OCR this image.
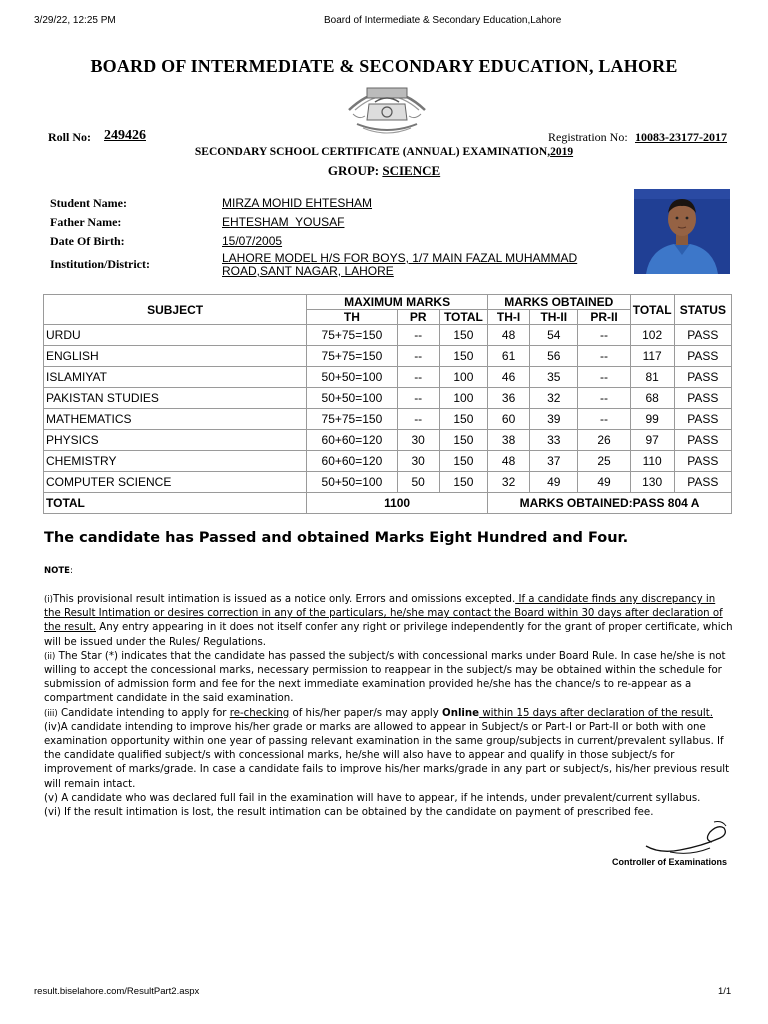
3/29/22, 12:25 PM	Board of Intermediate & Secondary Education,Lahore
BOARD OF INTERMEDIATE & SECONDARY EDUCATION, LAHORE
Roll No: 249426	Registration No: 10083-23177-2017
SECONDARY SCHOOL CERTIFICATE (ANNUAL) EXAMINATION,2019
GROUP: SCIENCE
Student Name:	MIRZA MOHID EHTESHAM
Father Name:	EHTESHAM  YOUSAF
Date Of Birth:	15/07/2005
Institution/District:	LAHORE MODEL H/S FOR BOYS, 1/7 MAIN FAZAL MUHAMMAD
ROAD,SANT NAGAR, LAHORE
SUBJECT	MAXIMUM MARKS			MARKS OBTAINED			TOTAL	STATUS
	TH	PR	TOTAL	TH-I	TH-II	PR-II		
URDU	75+75=150	--	150	48	54	--	102	PASS
ENGLISH	75+75=150	--	150	61	56	--	117	PASS
ISLAMIYAT	50+50=100	--	100	46	35	--	81	PASS
PAKISTAN STUDIES	50+50=100	--	100	36	32	--	68	PASS
MATHEMATICS	75+75=150	--	150	60	39	--	99	PASS
PHYSICS	60+60=120	30	150	38	33	26	97	PASS
CHEMISTRY	60+60=120	30	150	48	37	25	110	PASS
COMPUTER SCIENCE	50+50=100	50	150	32	49	49	130	PASS
TOTAL	1100			MARKS OBTAINED:PASS 804 A				
The candidate has Passed and obtained Marks Eight Hundred and Four.
NOTE:

(i)This provisional result intimation is issued as a notice only. Errors and omissions excepted. If a candidate finds any discrepancy in the Result Intimation or desires correction in any of the particulars, he/she may contact the Board within 30 days after declaration of the result. Any entry appearing in it does not itself confer any right or privilege independently for the grant of proper certificate, which will be issued under the Rules/ Regulations.

(ii) The Star (*) indicates that the candidate has passed the subject/s with concessional marks under Board Rule. In case he/she is not willing to accept the concessional marks, necessary permission to reappear in the subject/s may be obtained within the schedule for submission of admission form and fee for the next immediate examination provided he/she has the chance/s to re-appear as a compartment candidate in the said examination.

(iii) Candidate intending to apply for re-checking of his/her paper/s may apply Online within 15 days after declaration of the result.

(iv)A candidate intending to improve his/her grade or marks are allowed to appear in Subject/s or Part-I or Part-II or both with one examination opportunity within one year of passing relevant examination in the same group/subjects in current/prevalent syllabus. If the candidate qualified subject/s with concessional marks, he/she will also have to appear and qualify in those subject/s for improvement of marks/grade. In case a candidate fails to improve his/her marks/grade in any part or subject/s, his/her previous result will remain intact.

(v) A candidate who was declared full fail in the examination will have to appear, if he intends, under prevalent/current syllabus.

(vi) If the result intimation is lost, the result intimation can be obtained by the candidate on payment of prescribed fee.

Controller of Examinations
result.biselahore.com/ResultPart2.aspx	1/1
